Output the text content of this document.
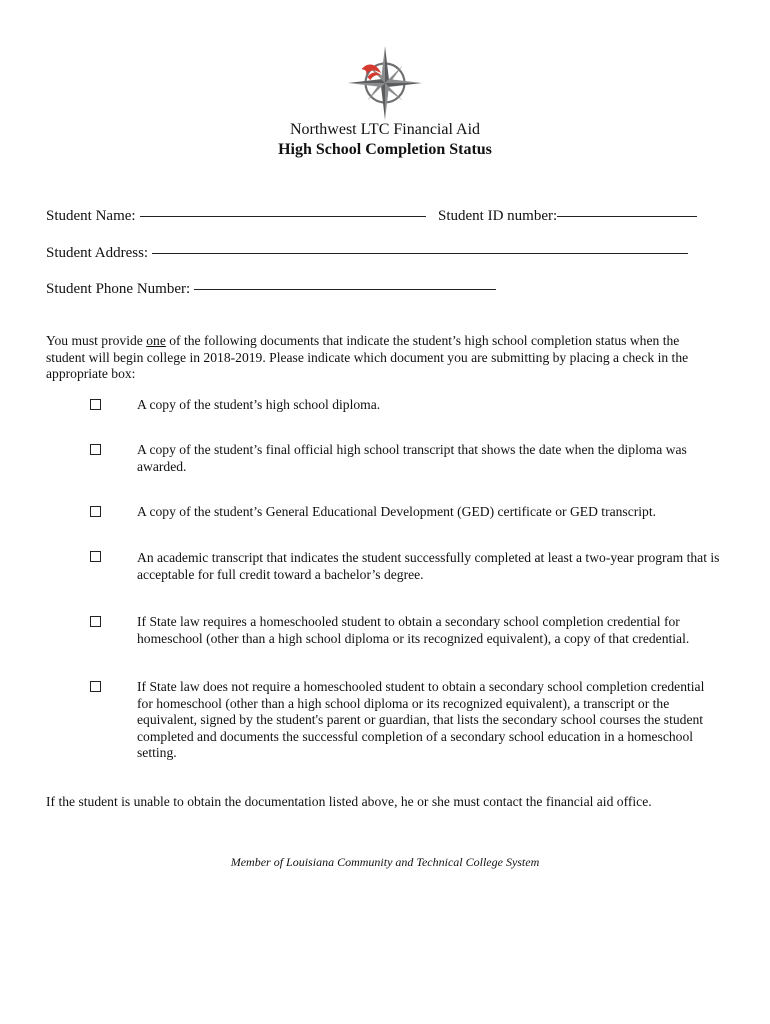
Northwest LTC Financial Aid
High School Completion Status
Student Name:	Student ID number:
Student Address:
Student Phone Number:
You must provide one of the following documents that indicate the student’s high school completion status when the student will begin college in 2018-2019. Please indicate which document you are submitting by placing a check in the appropriate box:
A copy of the student’s high school diploma.
A copy of the student’s final official high school transcript that shows the date when the diploma was awarded.
A copy of the student’s General Educational Development (GED) certificate or GED transcript.
An academic transcript that indicates the student successfully completed at least a two-year program that is acceptable for full credit toward a bachelor’s degree.
If State law requires a homeschooled student to obtain a secondary school completion credential for homeschool (other than a high school diploma or its recognized equivalent), a copy of that credential.
If State law does not require a homeschooled student to obtain a secondary school completion credential for homeschool (other than a high school diploma or its recognized equivalent), a transcript or the equivalent, signed by the student's parent or guardian, that lists the secondary school courses the student completed and documents the successful completion of a secondary school education in a homeschool setting.
If the student is unable to obtain the documentation listed above, he or she must contact the financial aid office.
Member of Louisiana Community and Technical College System
